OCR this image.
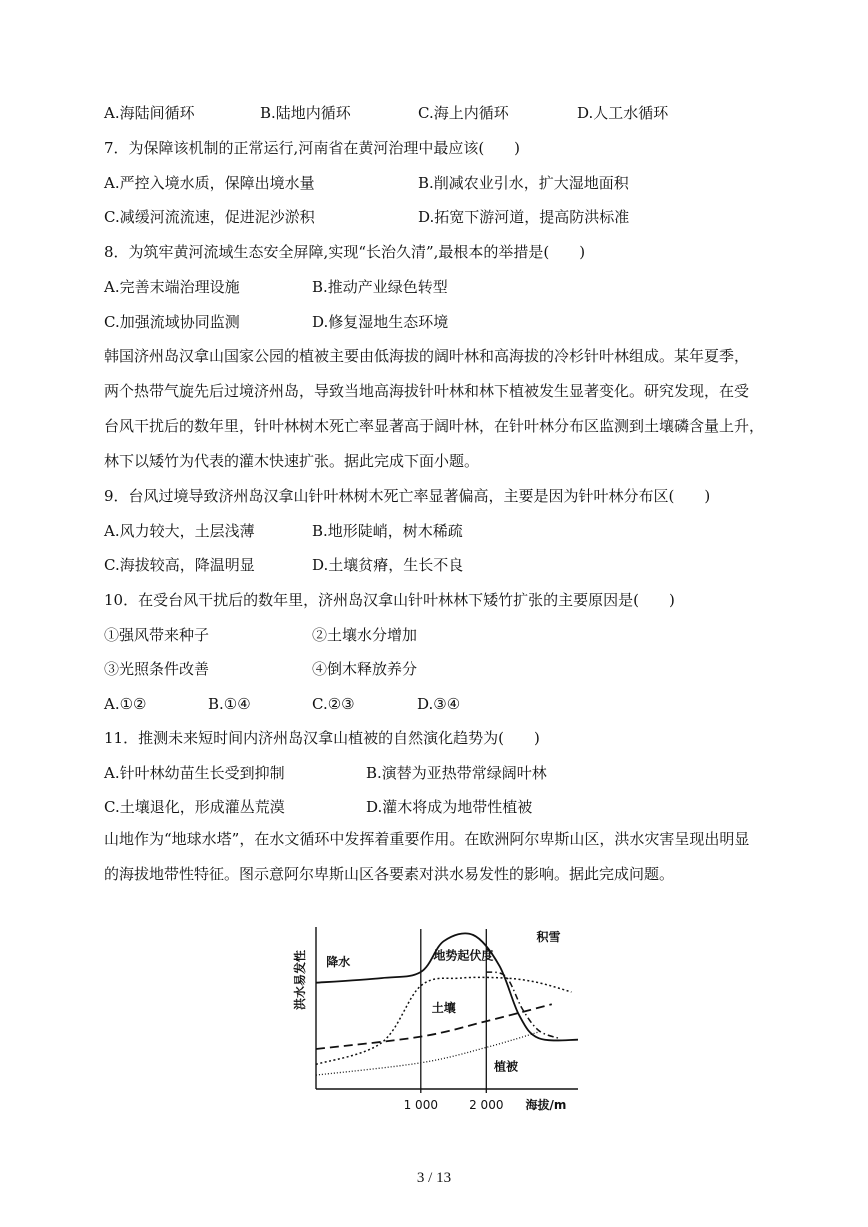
A.海陆间循环	B.陆地内循环	C.海上内循环	D.人工水循环
7．为保障该机制的正常运行,河南省在黄河治理中最应该(　　)
A.严控入境水质，保障出境水量	B.削减农业引水，扩大湿地面积
C.减缓河流流速，促进泥沙淤积	D.拓宽下游河道，提高防洪标准
8．为筑牢黄河流域生态安全屏障,实现“长治久清”,最根本的举措是(　　)
A.完善末端治理设施	B.推动产业绿色转型
C.加强流域协同监测	D.修复湿地生态环境
韩国济州岛汉拿山国家公园的植被主要由低海拔的阔叶林和高海拔的冷杉针叶林组成。某年夏季，
两个热带气旋先后过境济州岛，导致当地高海拔针叶林和林下植被发生显著变化。研究发现，在受
台风干扰后的数年里，针叶林树木死亡率显著高于阔叶林，在针叶林分布区监测到土壤磷含量上升，
林下以矮竹为代表的灌木快速扩张。据此完成下面小题。
9．台风过境导致济州岛汉拿山针叶林树木死亡率显著偏高，主要是因为针叶林分布区(　　)
A.风力较大，土层浅薄	B.地形陡峭，树木稀疏
C.海拔较高，降温明显	D.土壤贫瘠，生长不良
10．在受台风干扰后的数年里，济州岛汉拿山针叶林林下矮竹扩张的主要原因是(　　)
①强风带来种子	②土壤水分增加
③光照条件改善	④倒木释放养分
A.①②	B.①④	C.②③	D.③④
11．推测未来短时间内济州岛汉拿山植被的自然演化趋势为(　　)
A.针叶林幼苗生长受到抑制	B.演替为亚热带常绿阔叶林
C.土壤退化，形成灌丛荒漠	D.灌木将成为地带性植被
山地作为“地球水塔”，在水文循环中发挥着重要作用。在欧洲阿尔卑斯山区，洪水灾害呈现出明显
的海拔地带性特征。图示意阿尔卑斯山区各要素对洪水易发性的影响。据此完成问题。
1 000	2 000
洪水易发性
海拔/m
降水	地势起伏度
积雪
土壤
植被
3 / 13
